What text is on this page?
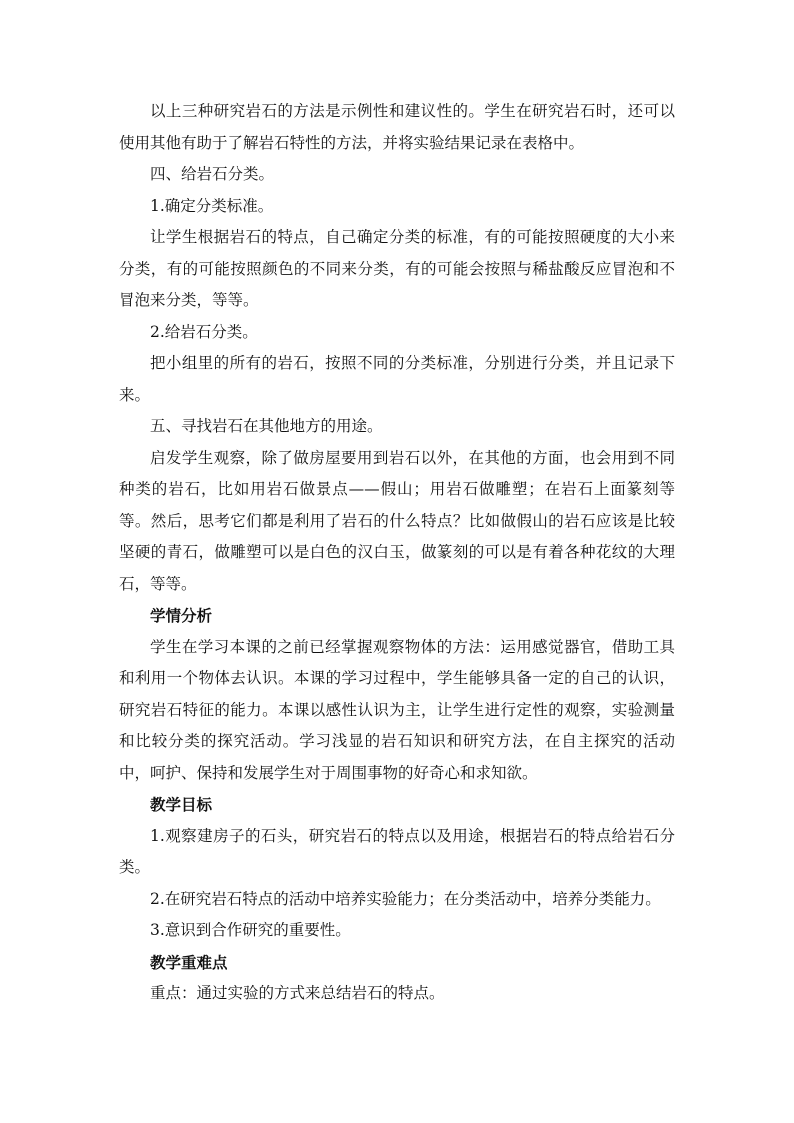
以上三种研究岩石的方法是示例性和建议性的。学生在研究岩石时，还可以使用其他有助于了解岩石特性的方法，并将实验结果记录在表格中。

四、给岩石分类。

1.确定分类标准。

让学生根据岩石的特点，自己确定分类的标准，有的可能按照硬度的大小来分类，有的可能按照颜色的不同来分类，有的可能会按照与稀盐酸反应冒泡和不冒泡来分类，等等。

2.给岩石分类。

把小组里的所有的岩石，按照不同的分类标准，分别进行分类，并且记录下来。

五、寻找岩石在其他地方的用途。

启发学生观察，除了做房屋要用到岩石以外，在其他的方面，也会用到不同种类的岩石，比如用岩石做景点——假山；用岩石做雕塑；在岩石上面篆刻等等。然后，思考它们都是利用了岩石的什么特点？比如做假山的岩石应该是比较坚硬的青石，做雕塑可以是白色的汉白玉，做篆刻的可以是有着各种花纹的大理石，等等。

学情分析

学生在学习本课的之前已经掌握观察物体的方法：运用感觉器官，借助工具和利用一个物体去认识。本课的学习过程中，学生能够具备一定的自己的认识，研究岩石特征的能力。本课以感性认识为主，让学生进行定性的观察，实验测量和比较分类的探究活动。学习浅显的岩石知识和研究方法，在自主探究的活动中，呵护、保持和发展学生对于周围事物的好奇心和求知欲。

教学目标

1.观察建房子的石头，研究岩石的特点以及用途，根据岩石的特点给岩石分类。

2.在研究岩石特点的活动中培养实验能力；在分类活动中，培养分类能力。

3.意识到合作研究的重要性。

教学重难点

重点：通过实验的方式来总结岩石的特点。
